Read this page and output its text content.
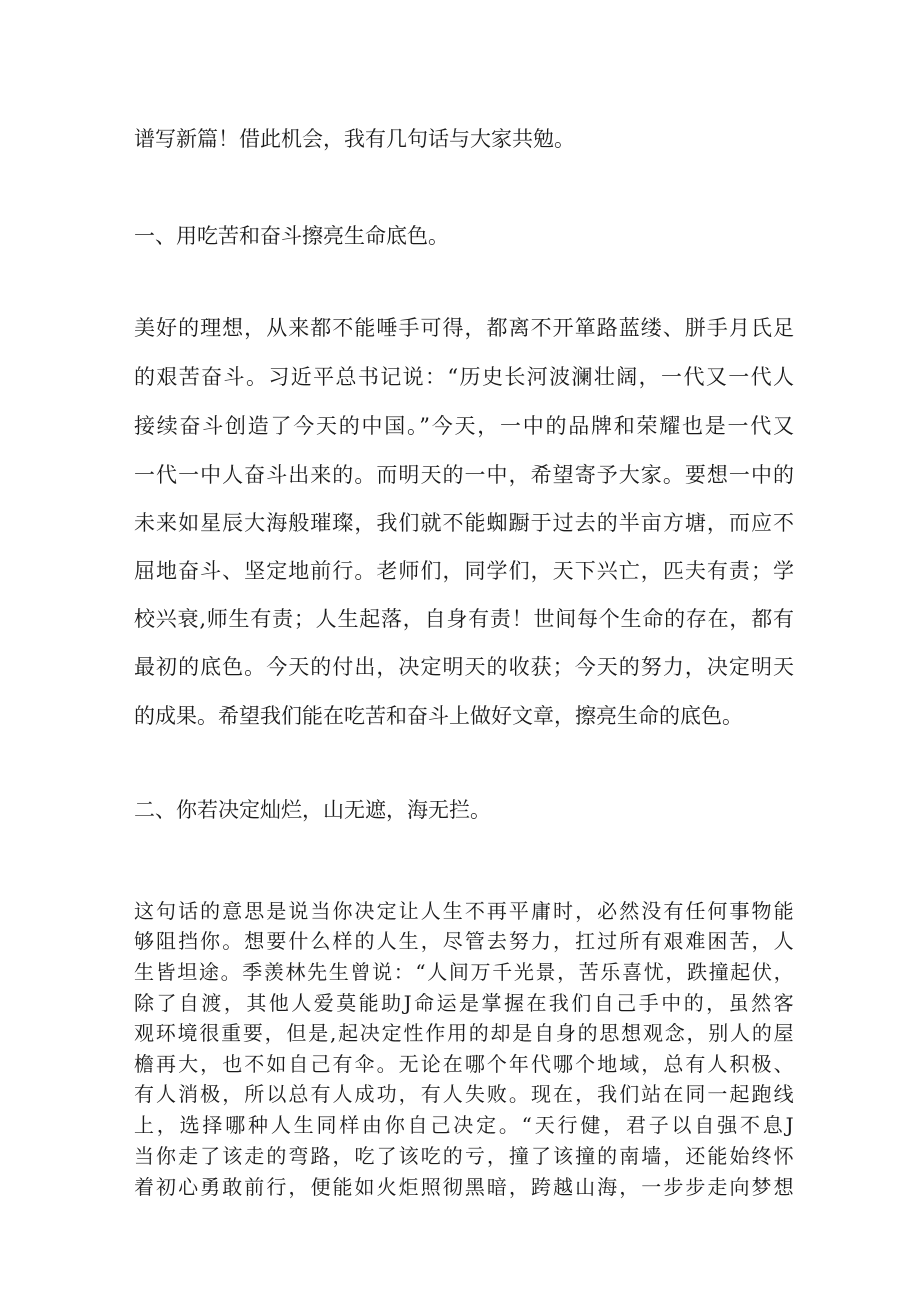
谱写新篇！借此机会，我有几句话与大家共勉。
一、用吃苦和奋斗擦亮生命底色。
美好的理想，从来都不能唾手可得，都离不开箪路蓝缕、胼手月氏足
的艰苦奋斗。习近平总书记说：“历史长河波澜壮阔，一代又一代人
接续奋斗创造了今天的中国。”今天，一中的品牌和荣耀也是一代又
一代一中人奋斗出来的。而明天的一中，希望寄予大家。要想一中的
未来如星辰大海般璀璨，我们就不能蜘蹰于过去的半亩方塘，而应不
屈地奋斗、坚定地前行。老师们，同学们，天下兴亡，匹夫有责；学
校兴衰,师生有责；人生起落，自身有责！世间每个生命的存在，都有
最初的底色。今天的付出，决定明天的收获；今天的努力，决定明天
的成果。希望我们能在吃苦和奋斗上做好文章，擦亮生命的底色。
二、你若决定灿烂，山无遮，海无拦。
这句话的意思是说当你决定让人生不再平庸时，必然没有任何事物能
够阻挡你。想要什么样的人生，尽管去努力，扛过所有艰难困苦，人
生皆坦途。季羡林先生曾说：“人间万千光景，苦乐喜忧，跌撞起伏，
除了自渡，其他人爱莫能助J命运是掌握在我们自己手中的，虽然客
观环境很重要，但是,起决定性作用的却是自身的思想观念，别人的屋
檐再大，也不如自己有伞。无论在哪个年代哪个地域，总有人积极、
有人消极，所以总有人成功，有人失败。现在，我们站在同一起跑线
上，选择哪种人生同样由你自己决定。“天行健，君子以自强不息J
当你走了该走的弯路，吃了该吃的亏，撞了该撞的南墙，还能始终怀
着初心勇敢前行，便能如火炬照彻黑暗，跨越山海，一步步走向梦想
